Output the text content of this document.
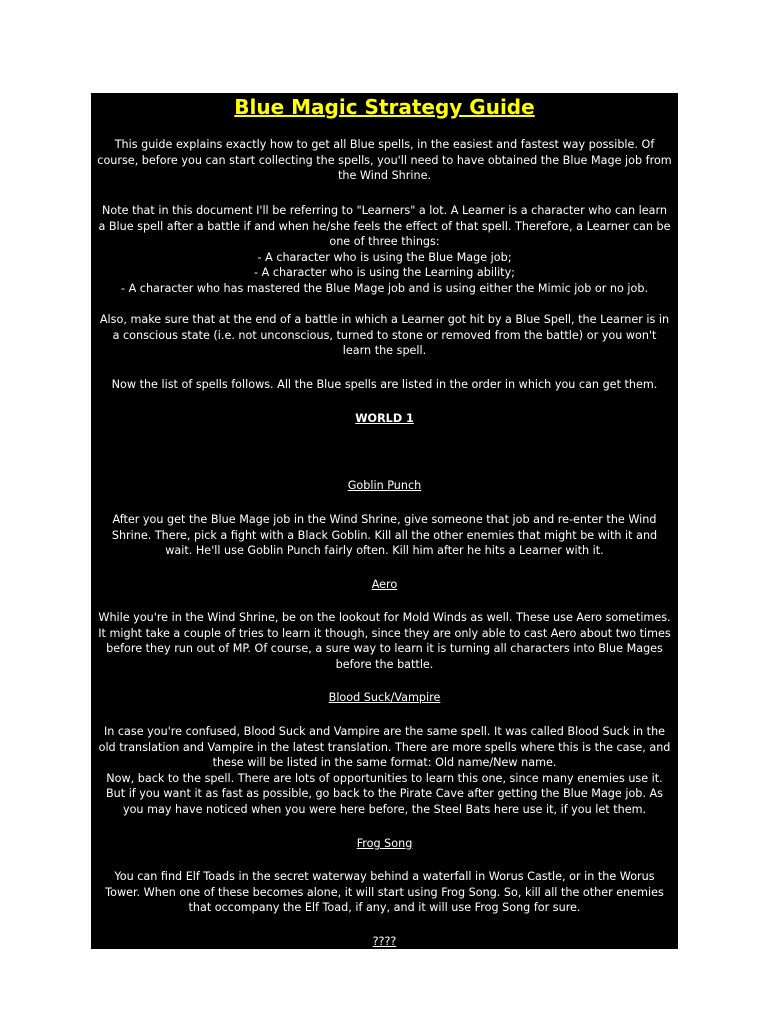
Blue Magic Strategy Guide

This guide explains exactly how to get all Blue spells, in the easiest and fastest way possible. Of course, before you can start collecting the spells, you'll need to have obtained the Blue Mage job from the Wind Shrine.

Note that in this document I'll be referring to "Learners" a lot. A Learner is a character who can learn a Blue spell after a battle if and when he/she feels the effect of that spell. Therefore, a Learner can be one of three things:
- A character who is using the Blue Mage job;
- A character who is using the Learning ability;
- A character who has mastered the Blue Mage job and is using either the Mimic job or no job.

Also, make sure that at the end of a battle in which a Learner got hit by a Blue Spell, the Learner is in a conscious state (i.e. not unconscious, turned to stone or removed from the battle) or you won't learn the spell.

Now the list of spells follows. All the Blue spells are listed in the order in which you can get them.

WORLD 1

Goblin Punch

After you get the Blue Mage job in the Wind Shrine, give someone that job and re-enter the Wind Shrine. There, pick a fight with a Black Goblin. Kill all the other enemies that might be with it and wait. He'll use Goblin Punch fairly often. Kill him after he hits a Learner with it.

Aero

While you're in the Wind Shrine, be on the lookout for Mold Winds as well. These use Aero sometimes. It might take a couple of tries to learn it though, since they are only able to cast Aero about two times before they run out of MP. Of course, a sure way to learn it is turning all characters into Blue Mages before the battle.

Blood Suck/Vampire

In case you're confused, Blood Suck and Vampire are the same spell. It was called Blood Suck in the old translation and Vampire in the latest translation. There are more spells where this is the case, and these will be listed in the same format: Old name/New name.
Now, back to the spell. There are lots of opportunities to learn this one, since many enemies use it. But if you want it as fast as possible, go back to the Pirate Cave after getting the Blue Mage job. As you may have noticed when you were here before, the Steel Bats here use it, if you let them.

Frog Song

You can find Elf Toads in the secret waterway behind a waterfall in Worus Castle, or in the Worus Tower. When one of these becomes alone, it will start using Frog Song. So, kill all the other enemies that occompany the Elf Toad, if any, and it will use Frog Song for sure.

????
